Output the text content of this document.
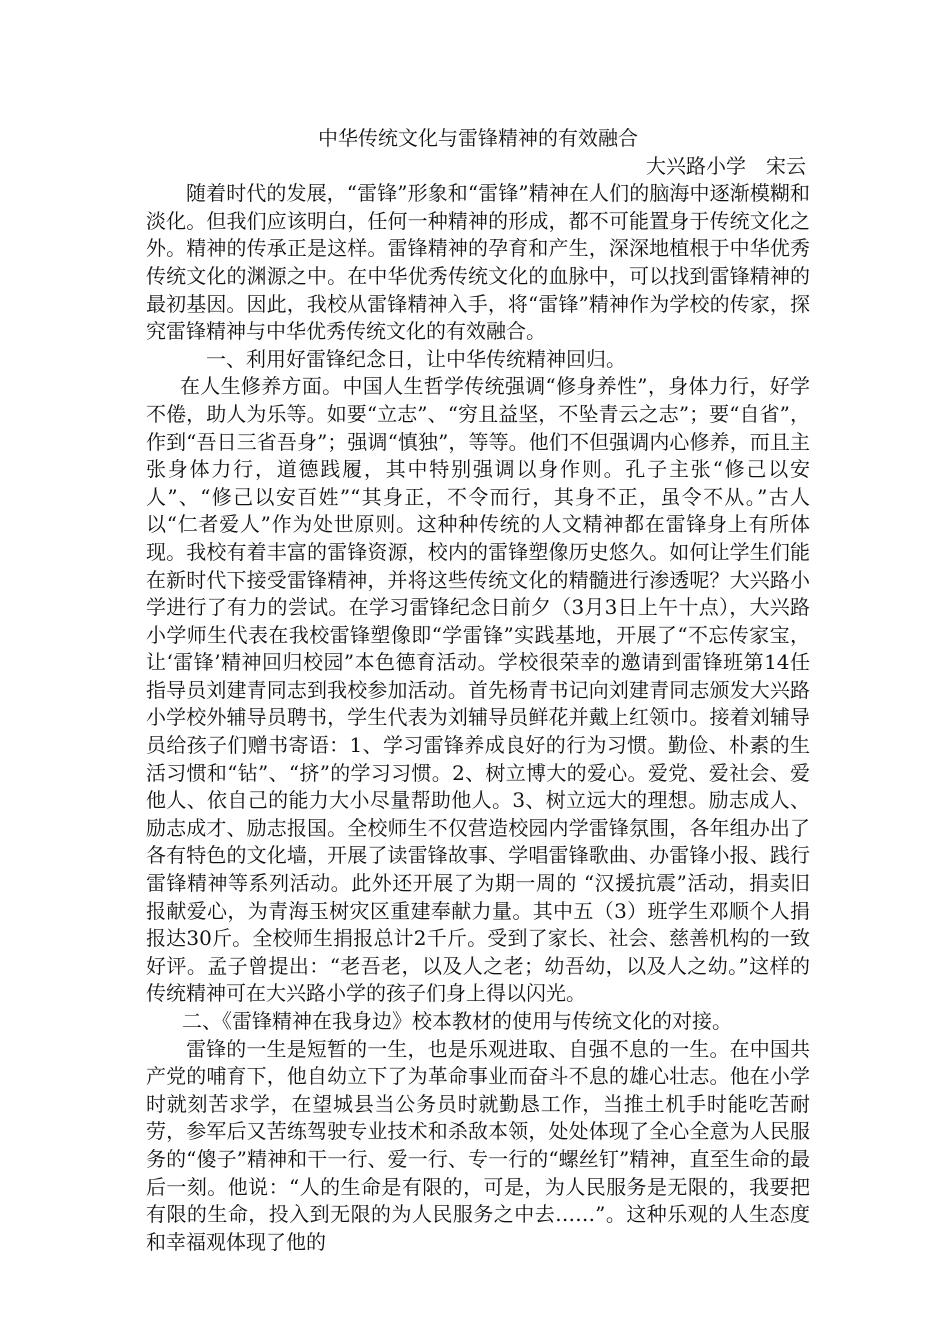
中华传统文化与雷锋精神的有效融合

大兴路小学　宋云

随着时代的发展，“雷锋”形象和“雷锋”精神在人们的脑海中逐渐模糊和淡化。但我们应该明白，任何一种精神的形成，都不可能置身于传统文化之外。精神的传承正是这样。雷锋精神的孕育和产生，深深地植根于中华优秀传统文化的渊源之中。在中华优秀传统文化的血脉中，可以找到雷锋精神的最初基因。因此，我校从雷锋精神入手，将“雷锋”精神作为学校的传家，探究雷锋精神与中华优秀传统文化的有效融合。

一、利用好雷锋纪念日，让中华传统精神回归。

在人生修养方面。中国人生哲学传统强调“修身养性”，身体力行，好学不倦，助人为乐等。如要“立志”、“穷且益坚，不坠青云之志”；要“自省”，作到“吾日三省吾身”；强调“慎独”，等等。他们不但强调内心修养，而且主张身体力行，道德践履，其中特别强调以身作则。孔子主张“修己以安人”、“修己以安百姓”“其身正，不令而行，其身不正，虽令不从。”古人以“仁者爱人”作为处世原则。这种种传统的人文精神都在雷锋身上有所体现。我校有着丰富的雷锋资源，校内的雷锋塑像历史悠久。如何让学生们能在新时代下接受雷锋精神，并将这些传统文化的精髓进行渗透呢？大兴路小学进行了有力的尝试。在学习雷锋纪念日前夕（3月3日上午十点），大兴路小学师生代表在我校雷锋塑像即“学雷锋”实践基地，开展了“不忘传家宝，让‘雷锋’精神回归校园”本色德育活动。学校很荣幸的邀请到雷锋班第14任指导员刘建青同志到我校参加活动。首先杨青书记向刘建青同志颁发大兴路小学校外辅导员聘书，学生代表为刘辅导员鲜花并戴上红领巾。接着刘辅导员给孩子们赠书寄语：1、学习雷锋养成良好的行为习惯。勤俭、朴素的生活习惯和“钻”、“挤”的学习习惯。2、树立博大的爱心。爱党、爱社会、爱他人、依自己的能力大小尽量帮助他人。3、树立远大的理想。励志成人、励志成才、励志报国。全校师生不仅营造校园内学雷锋氛围，各年组办出了各有特色的文化墙，开展了读雷锋故事、学唱雷锋歌曲、办雷锋小报、践行雷锋精神等系列活动。此外还开展了为期一周的 “汉援抗震”活动，捐卖旧报献爱心，为青海玉树灾区重建奉献力量。其中五（3）班学生邓顺个人捐报达30斤。全校师生捐报总计2千斤。受到了家长、社会、慈善机构的一致好评。孟子曾提出：“老吾老，以及人之老；幼吾幼，以及人之幼。”这样的传统精神可在大兴路小学的孩子们身上得以闪光。

二、《雷锋精神在我身边》校本教材的使用与传统文化的对接。

雷锋的一生是短暂的一生，也是乐观进取、自强不息的一生。在中国共产党的哺育下，他自幼立下了为革命事业而奋斗不息的雄心壮志。他在小学时就刻苦求学，在望城县当公务员时就勤恳工作，当推土机手时能吃苦耐劳，参军后又苦练驾驶专业技术和杀敌本领，处处体现了全心全意为人民服务的“傻子”精神和干一行、爱一行、专一行的“螺丝钉”精神，直至生命的最后一刻。他说：“人的生命是有限的，可是，为人民服务是无限的，我要把有限的生命，投入到无限的为人民服务之中去……”。这种乐观的人生态度和幸福观体现了他的
